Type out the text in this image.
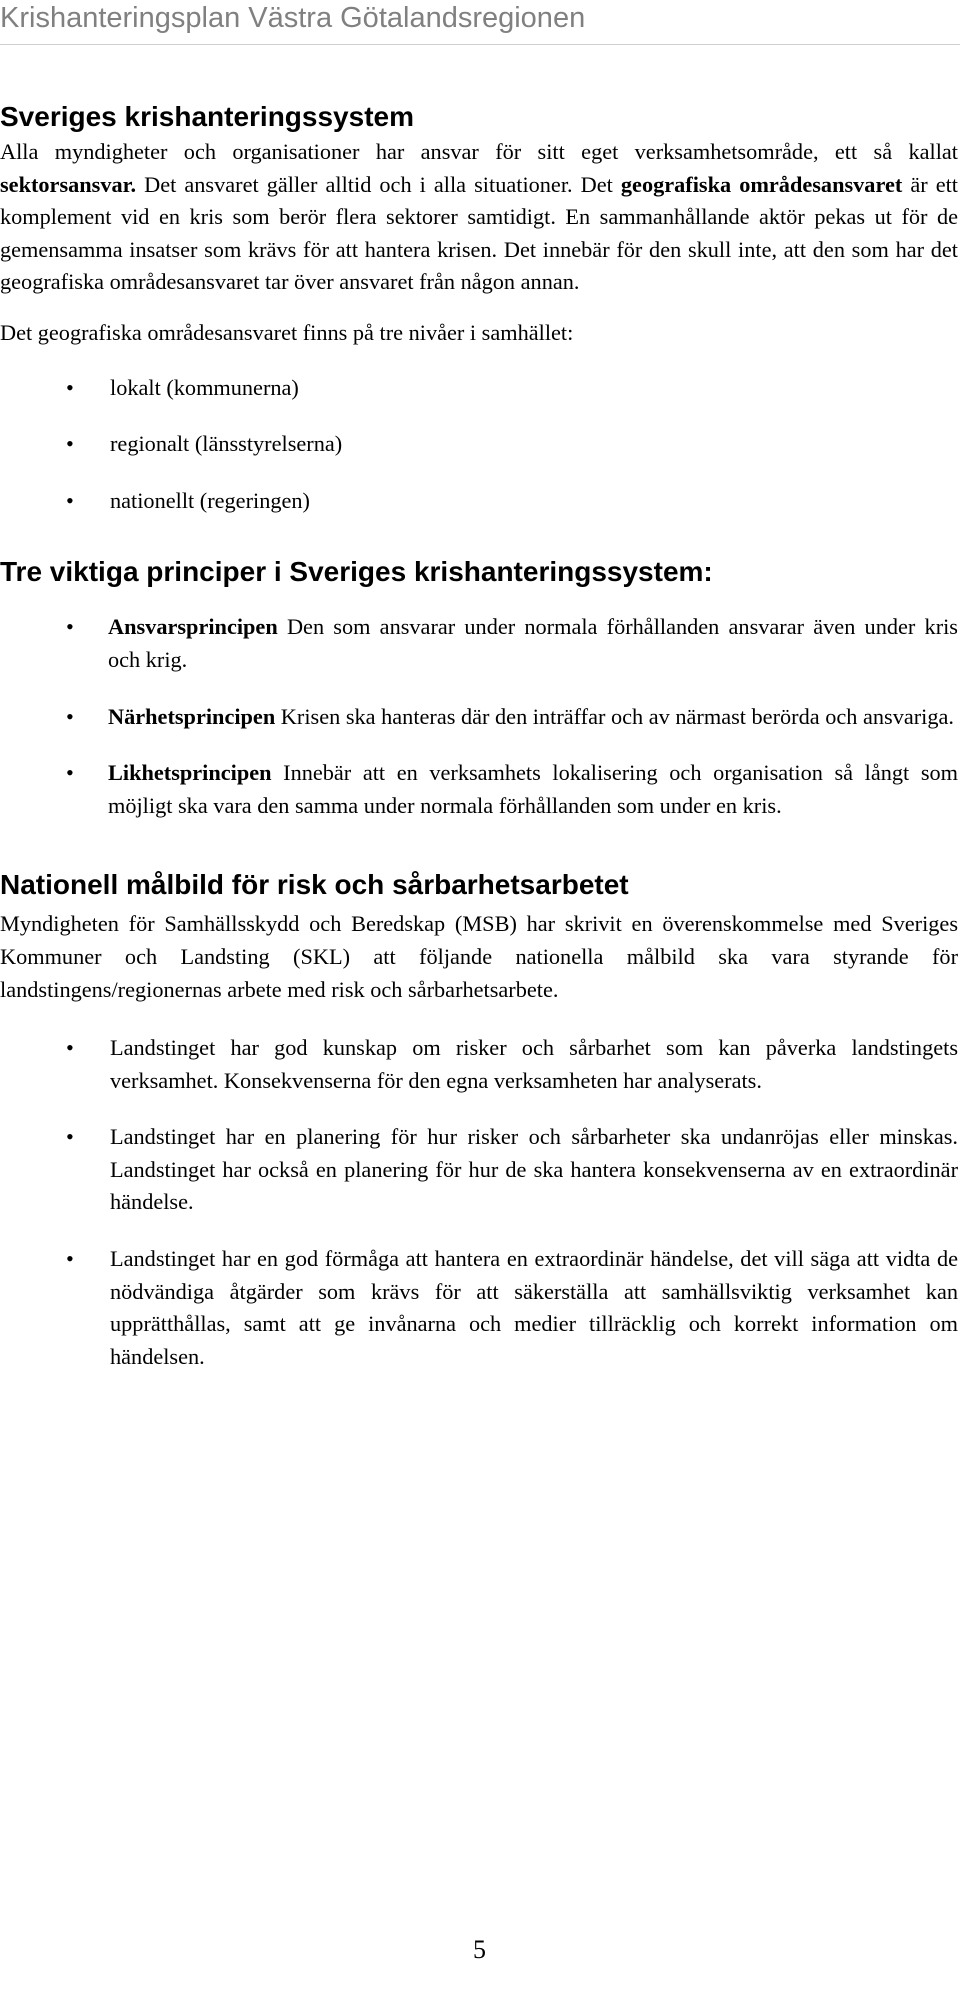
Krishanteringsplan Västra Götalandsregionen
Sveriges krishanteringssystem

Alla myndigheter och organisationer har ansvar för sitt eget verksamhetsområde, ett så kallat sektorsansvar. Det ansvaret gäller alltid och i alla situationer. Det geografiska områdesansvaret är ett komplement vid en kris som berör flera sektorer samtidigt. En sammanhållande aktör pekas ut för de gemensamma insatser som krävs för att hantera krisen. Det innebär för den skull inte, att den som har det geografiska områdesansvaret tar över ansvaret från någon annan.

Det geografiska områdesansvaret finns på tre nivåer i samhället:

• lokalt (kommunerna)
• regionalt (länsstyrelserna)
• nationellt (regeringen)
Tre viktiga principer i Sveriges krishanteringssystem:
• Ansvarsprincipen Den som ansvarar under normala förhållanden ansvarar även under kris och krig.
• Närhetsprincipen Krisen ska hanteras där den inträffar och av närmast berörda och ansvariga.
• Likhetsprincipen Innebär att en verksamhets lokalisering och organisation så långt som möjligt ska vara den samma under normala förhållanden som under en kris.
Nationell målbild för risk och sårbarhetsarbetet

Myndigheten för Samhällsskydd och Beredskap (MSB) har skrivit en överenskommelse med Sveriges Kommuner och Landsting (SKL) att följande nationella målbild ska vara styrande för landstingens/regionernas arbete med risk och sårbarhetsarbete.

• Landstinget har god kunskap om risker och sårbarhet som kan påverka landstingets verksamhet. Konsekvenserna för den egna verksamheten har analyserats.
• Landstinget har en planering för hur risker och sårbarheter ska undanröjas eller minskas. Landstinget har också en planering för hur de ska hantera konsekvenserna av en extraordinär händelse.
• Landstinget har en god förmåga att hantera en extraordinär händelse, det vill säga att vidta de nödvändiga åtgärder som krävs för att säkerställa att samhällsviktig verksamhet kan upprätthållas, samt att ge invånarna och medier tillräcklig och korrekt information om händelsen.
5
